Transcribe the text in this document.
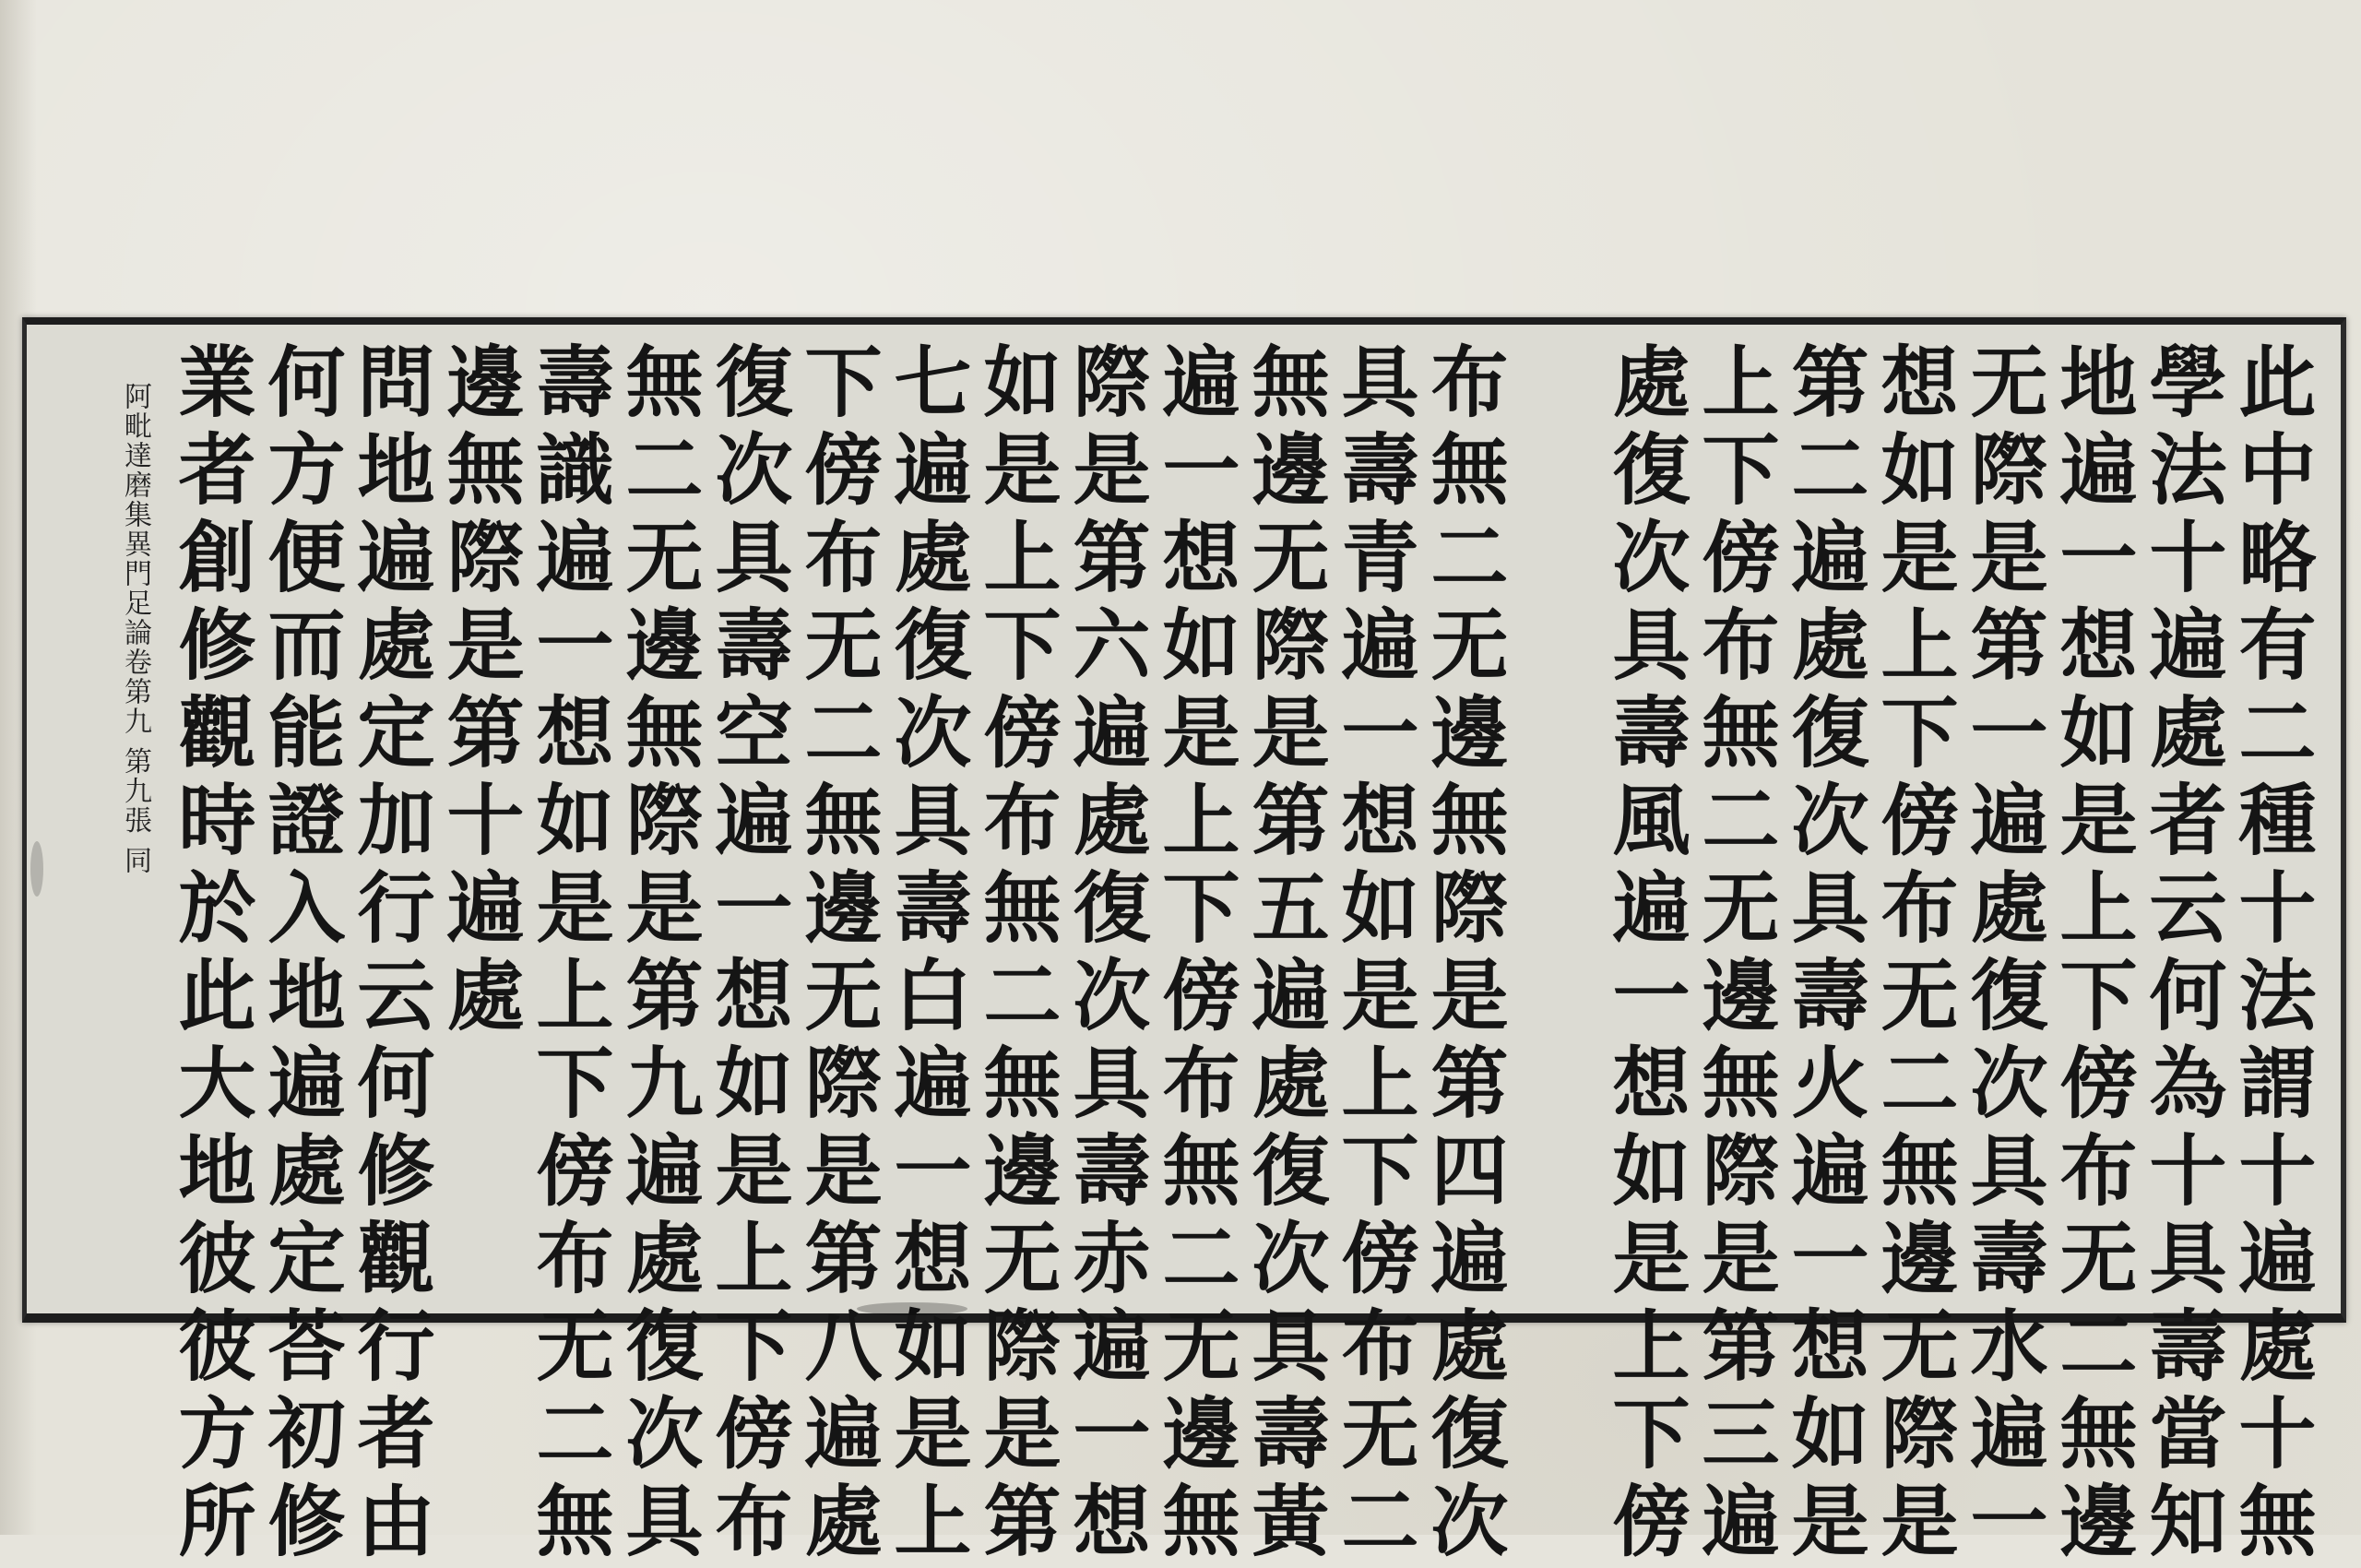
此中略有二種十法謂十遍處十無
學法十遍處者云何為十具壽當知
地遍一想如是上下傍布无二無邊
无際是第一遍處復次具壽水遍一
想如是上下傍布无二無邊无際是
第二遍處復次具壽火遍一想如是
上下傍布無二无邊無際是第三遍
處復次具壽風遍一想如是上下傍
布無二无邊無際是第四遍處復次
具壽青遍一想如是上下傍布无二
無邊无際是第五遍處復次具壽黃
遍一想如是上下傍布無二无邊無
際是第六遍處復次具壽赤遍一想
如是上下傍布無二無邊无際是第
七遍處復次具壽白遍一想如是上
下傍布无二無邊无際是第八遍處
復次具壽空遍一想如是上下傍布
無二无邊無際是第九遍處復次具
壽識遍一想如是上下傍布无二無
邊無際是第十遍處
問地遍處定加行云何修觀行者由
何方便而能證入地遍處定荅初修
業者創修觀時於此大地彼彼方所
阿毗達磨集異門足論卷第九 第九張 同
